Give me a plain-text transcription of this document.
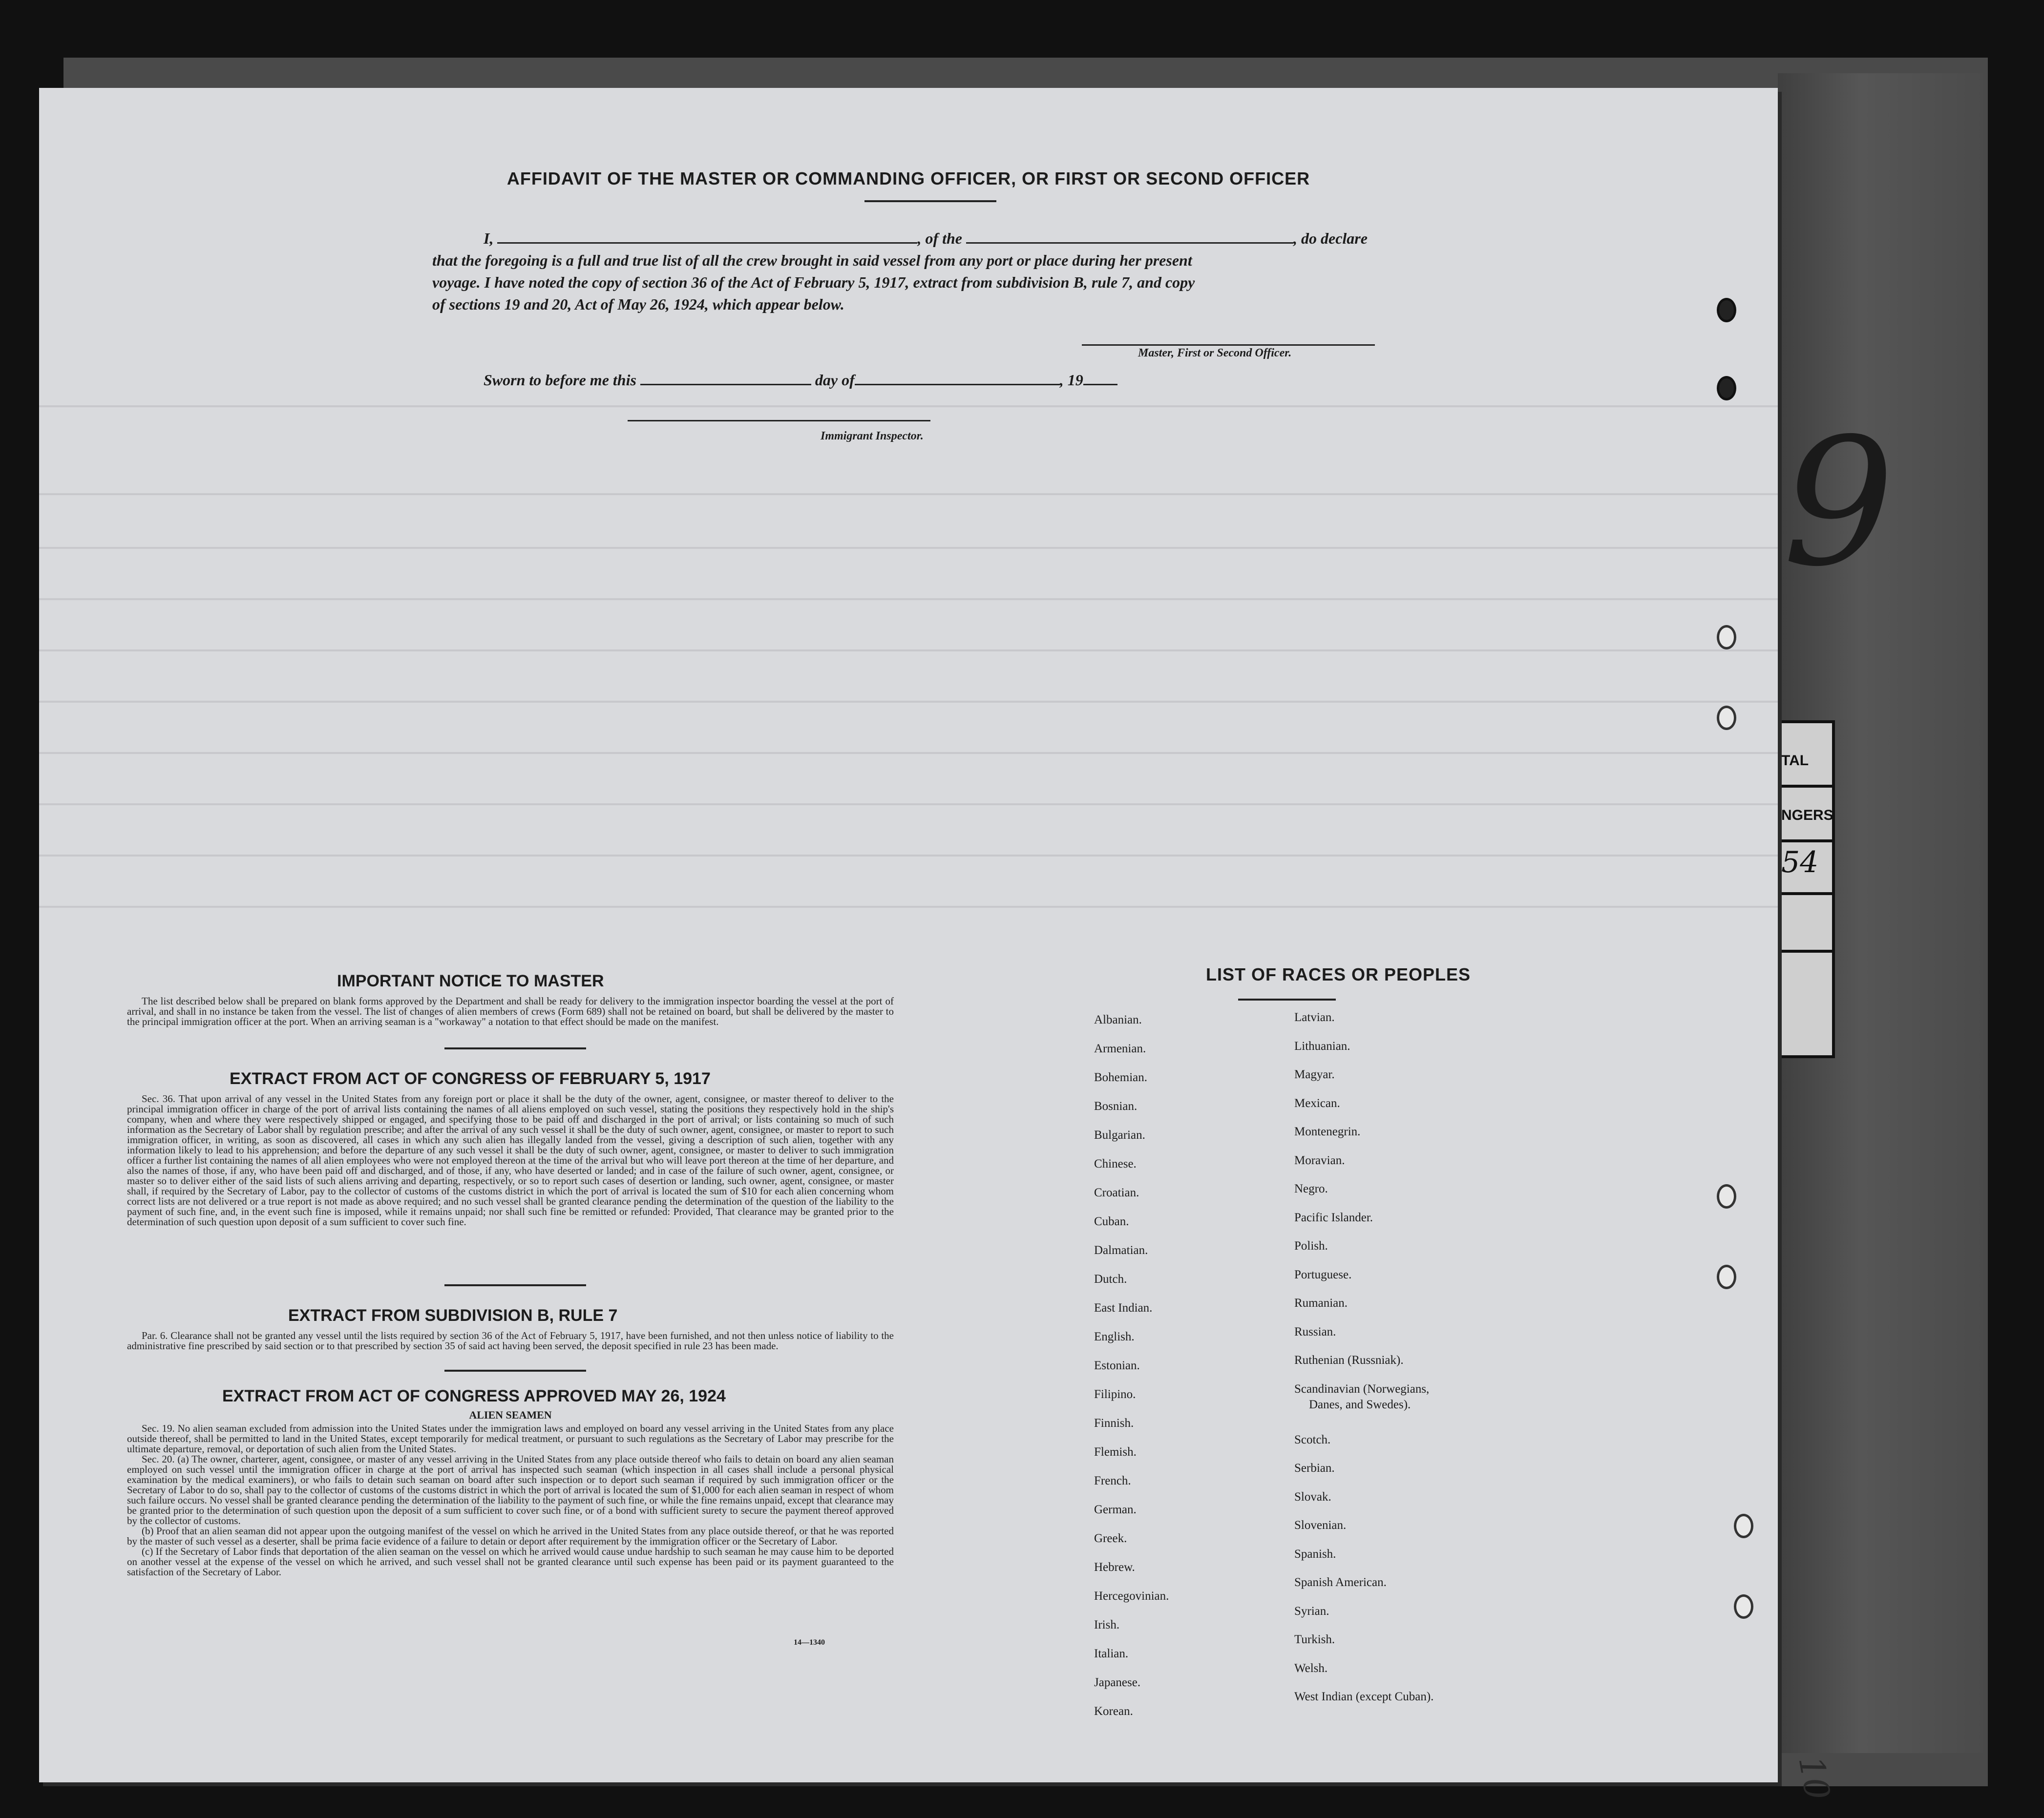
TAL
NGERS
54
9
AFFIDAVIT OF THE MASTER OR COMMANDING OFFICER, OR FIRST OR SECOND OFFICER
I,	, of the	, do declare
that the foregoing is a full and true list of all the crew brought in said vessel from any port or place during her present
voyage. I have noted the copy of section 36 of the Act of February 5, 1917, extract from subdivision B, rule 7, and copy
of sections 19 and 20, Act of May 26, 1924, which appear below.
Master, First or Second Officer.
Sworn to before me this	day of	, 19
Immigrant Inspector.
IMPORTANT NOTICE TO MASTER

The list described below shall be prepared on blank forms approved by the Department and shall be ready for delivery to the immigration inspector boarding the vessel at the port of arrival, and shall in no instance be taken from the vessel. The list of changes of alien members of crews (Form 689) shall not be retained on board, but shall be delivered by the master to the principal immigration officer at the port. When an arriving seaman is a "workaway" a notation to that effect should be made on the manifest.

EXTRACT FROM ACT OF CONGRESS OF FEBRUARY 5, 1917

Sec. 36. That upon arrival of any vessel in the United States from any foreign port or place it shall be the duty of the owner, agent, consignee, or master thereof to deliver to the principal immigration officer in charge of the port of arrival lists containing the names of all aliens employed on such vessel, stating the positions they respectively hold in the ship's company, when and where they were respectively shipped or engaged, and specifying those to be paid off and discharged in the port of arrival; or lists containing so much of such information as the Secretary of Labor shall by regulation prescribe; and after the arrival of any such vessel it shall be the duty of such owner, agent, consignee, or master to report to such immigration officer, in writing, as soon as discovered, all cases in which any such alien has illegally landed from the vessel, giving a description of such alien, together with any information likely to lead to his apprehension; and before the departure of any such vessel it shall be the duty of such owner, agent, consignee, or master to deliver to such immigration officer a further list containing the names of all alien employees who were not employed thereon at the time of the arrival but who will leave port thereon at the time of her departure, and also the names of those, if any, who have been paid off and discharged, and of those, if any, who have deserted or landed; and in case of the failure of such owner, agent, consignee, or master so to deliver either of the said lists of such aliens arriving and departing, respectively, or so to report such cases of desertion or landing, such owner, agent, consignee, or master shall, if required by the Secretary of Labor, pay to the collector of customs of the customs district in which the port of arrival is located the sum of $10 for each alien concerning whom correct lists are not delivered or a true report is not made as above required; and no such vessel shall be granted clearance pending the determination of the question of the liability to the payment of such fine, and, in the event such fine is imposed, while it remains unpaid; nor shall such fine be remitted or refunded: Provided, That clearance may be granted prior to the determination of such question upon deposit of a sum sufficient to cover such fine.

EXTRACT FROM SUBDIVISION B, RULE 7

Par. 6. Clearance shall not be granted any vessel until the lists required by section 36 of the Act of February 5, 1917, have been furnished, and not then unless notice of liability to the administrative fine prescribed by said section or to that prescribed by section 35 of said act having been served, the deposit specified in rule 23 has been made.

EXTRACT FROM ACT OF CONGRESS APPROVED MAY 26, 1924
ALIEN SEAMEN

Sec. 19. No alien seaman excluded from admission into the United States under the immigration laws and employed on board any vessel arriving in the United States from any place outside thereof, shall be permitted to land in the United States, except temporarily for medical treatment, or pursuant to such regulations as the Secretary of Labor may prescribe for the ultimate departure, removal, or deportation of such alien from the United States.

Sec. 20. (a) The owner, charterer, agent, consignee, or master of any vessel arriving in the United States from any place outside thereof who fails to detain on board any alien seaman employed on such vessel until the immigration officer in charge at the port of arrival has inspected such seaman (which inspection in all cases shall include a personal physical examination by the medical examiners), or who fails to detain such seaman on board after such inspection or to deport such seaman if required by such immigration officer or the Secretary of Labor to do so, shall pay to the collector of customs of the customs district in which the port of arrival is located the sum of $1,000 for each alien seaman in respect of whom such failure occurs. No vessel shall be granted clearance pending the determination of the liability to the payment of such fine, or while the fine remains unpaid, except that clearance may be granted prior to the determination of such question upon the deposit of a sum sufficient to cover such fine, or of a bond with sufficient surety to secure the payment thereof approved by the collector of customs.

(b) Proof that an alien seaman did not appear upon the outgoing manifest of the vessel on which he arrived in the United States from any place outside thereof, or that he was reported by the master of such vessel as a deserter, shall be prima facie evidence of a failure to detain or deport after requirement by the immigration officer or the Secretary of Labor.

(c) If the Secretary of Labor finds that deportation of the alien seaman on the vessel on which he arrived would cause undue hardship to such seaman he may cause him to be deported on another vessel at the expense of the vessel on which he arrived, and such vessel shall not be granted clearance until such expense has been paid or its payment guaranteed to the satisfaction of the Secretary of Labor.

14—1340
LIST OF RACES OR PEOPLES
10
Albanian.
Armenian.
Bohemian.
Bosnian.
Bulgarian.
Chinese.
Croatian.
Cuban.
Dalmatian.
Dutch.
East Indian.
English.
Estonian.
Filipino.
Finnish.
Flemish.
French.
German.
Greek.
Hebrew.
Hercegovinian.
Irish.
Italian.
Japanese.
Korean.
Latvian.
Lithuanian.
Magyar.
Mexican.
Montenegrin.
Moravian.
Negro.
Pacific Islander.
Polish.
Portuguese.
Rumanian.
Russian.
Ruthenian (Russniak).
Scandinavian (Norwegians,
Danes, and Swedes).
Scotch.
Serbian.
Slovak.
Slovenian.
Spanish.
Spanish American.
Syrian.
Turkish.
Welsh.
West Indian (except Cuban).
